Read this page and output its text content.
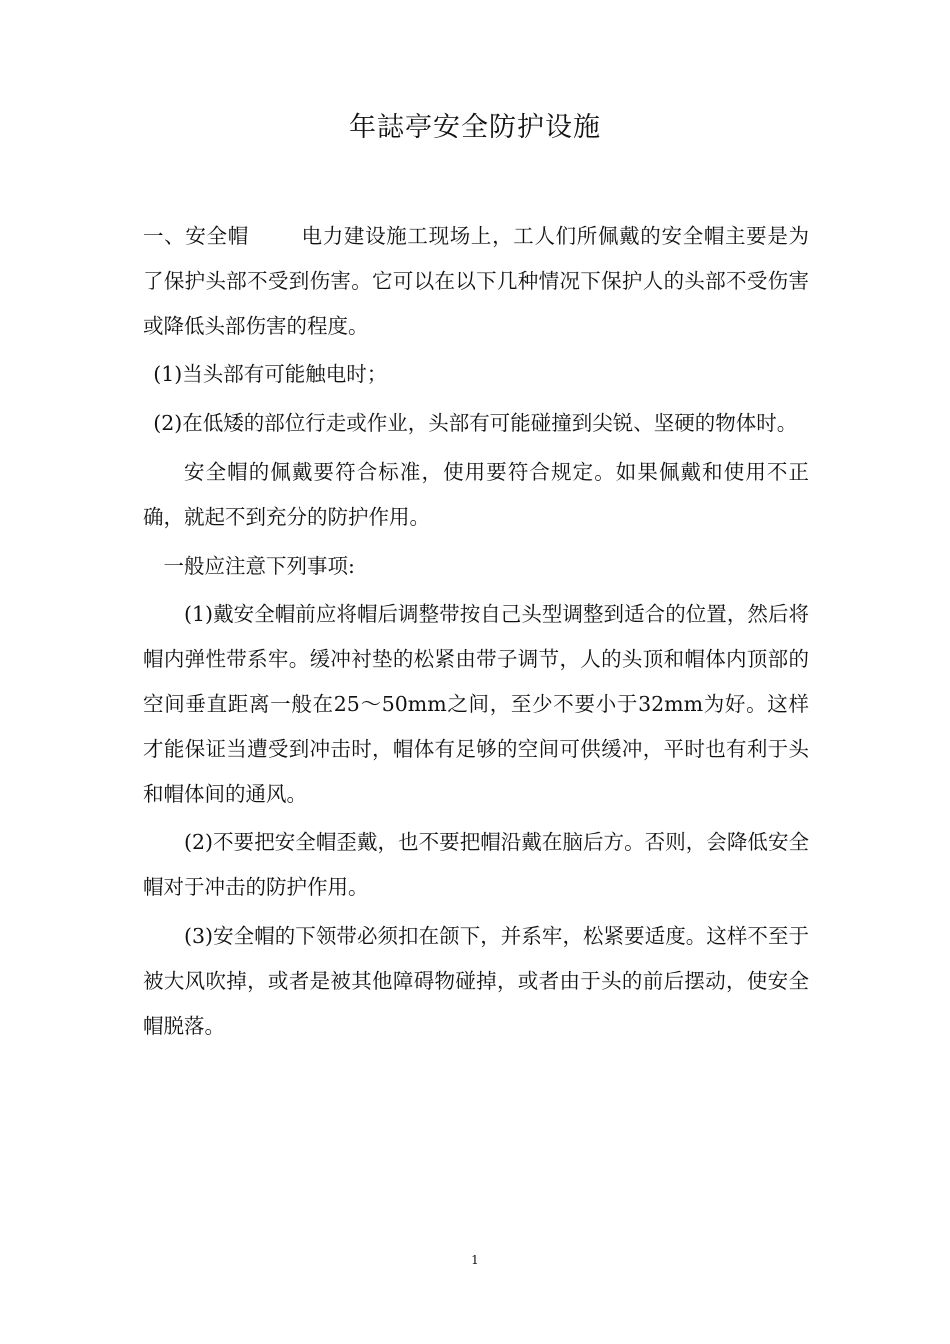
年誌亭安全防护设施

一、安全帽	电力建设施工现场上，工人们所佩戴的安全帽主要是为了保护头部不受到伤害。它可以在以下几种情况下保护人的头部不受伤害或降低头部伤害的程度。

(1)当头部有可能触电时；

(2)在低矮的部位行走或作业，头部有可能碰撞到尖锐、坚硬的物体时。

安全帽的佩戴要符合标准，使用要符合规定。如果佩戴和使用不正确，就起不到充分的防护作用。

一般应注意下列事项:

(1)戴安全帽前应将帽后调整带按自己头型调整到适合的位置，然后将帽内弹性带系牢。缓冲衬垫的松紧由带子调节，人的头顶和帽体内顶部的空间垂直距离一般在25～50mm之间，至少不要小于32mm为好。这样才能保证当遭受到冲击时，帽体有足够的空间可供缓冲，平时也有利于头和帽体间的通风。

(2)不要把安全帽歪戴，也不要把帽沿戴在脑后方。否则，会降低安全帽对于冲击的防护作用。

(3)安全帽的下领带必须扣在颌下，并系牢，松紧要适度。这样不至于被大风吹掉，或者是被其他障碍物碰掉，或者由于头的前后摆动，使安全帽脱落。

1
